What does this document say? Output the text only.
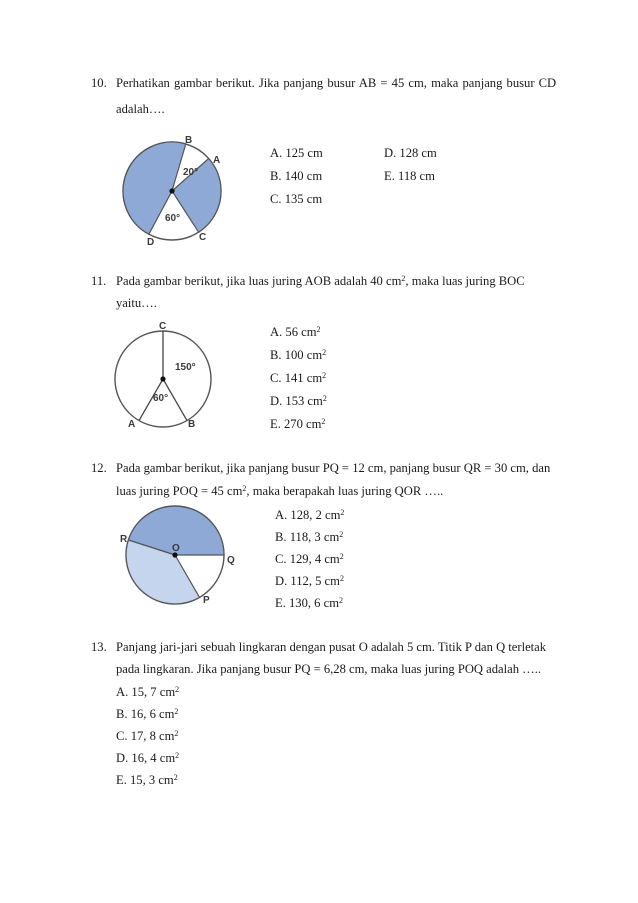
10. Perhatikan gambar berikut. Jika panjang busur AB = 45 cm, maka panjang busur CD
adalah….
B
A
C
D
20°
60°
A. 125 cm
B. 140 cm
C. 135 cm
D. 128 cm
E. 118 cm
11. Pada gambar berikut, jika luas juring AOB adalah 40 $cm^2$, maka luas juring BOC
yaitu….
C
A	B
150°
60°
A. 56 $cm^2$
B. 100 $cm^2$
C. 141 $cm^2$
D. 153 $cm^2$
E. 270 $cm^2$
12. Pada gambar berikut, jika panjang busur PQ = 12 cm, panjang busur QR = 30 cm, dan
luas juring POQ = 45 $cm^2$, maka berapakah luas juring QOR …..
R
O
Q
P
A. 128, 2 $cm^2$
B. 118, 3 $cm^2$
C. 129, 4 $cm^2$
D. 112, 5 $cm^2$
E. 130, 6 $cm^2$
13. Panjang jari-jari sebuah lingkaran dengan pusat O adalah 5 cm. Titik P dan Q terletak
pada lingkaran. Jika panjang busur PQ = 6,28 cm, maka luas juring POQ adalah …..
A. 15, 7 $cm^2$
B. 16, 6 $cm^2$
C. 17, 8 $cm^2$
D. 16, 4 $cm^2$
E. 15, 3 $cm^2$
